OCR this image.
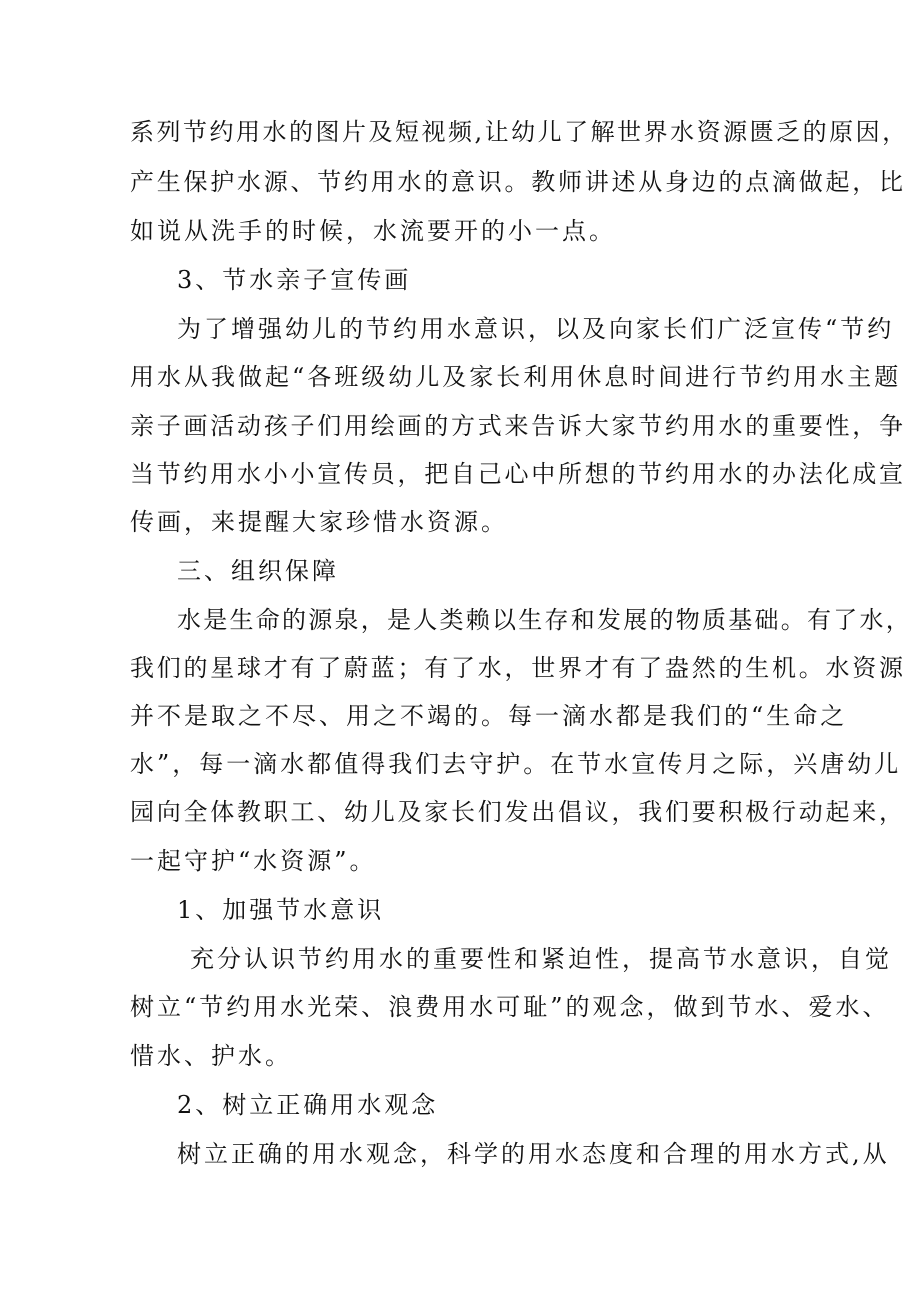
系列节约用水的图片及短视频,让幼儿了解世界水资源匮乏的原因，
产生保护水源、节约用水的意识。教师讲述从身边的点滴做起，比
如说从洗手的时候，水流要开的小一点。
3、节水亲子宣传画
为了增强幼儿的节约用水意识，以及向家长们广泛宣传“节约
用水从我做起“各班级幼儿及家长利用休息时间进行节约用水主题
亲子画活动孩子们用绘画的方式来告诉大家节约用水的重要性，争
当节约用水小小宣传员，把自己心中所想的节约用水的办法化成宣
传画，来提醒大家珍惜水资源。
三、组织保障
水是生命的源泉，是人类赖以生存和发展的物质基础。有了水，
我们的星球才有了蔚蓝；有了水，世界才有了盎然的生机。水资源
并不是取之不尽、用之不竭的。每一滴水都是我们的“生命之
水”，每一滴水都值得我们去守护。在节水宣传月之际，兴唐幼儿
园向全体教职工、幼儿及家长们发出倡议，我们要积极行动起来，
一起守护“水资源”。
1、加强节水意识
充分认识节约用水的重要性和紧迫性，提高节水意识，自觉
树立“节约用水光荣、浪费用水可耻”的观念，做到节水、爱水、
惜水、护水。
2、树立正确用水观念
树立正确的用水观念，科学的用水态度和合理的用水方式,从
